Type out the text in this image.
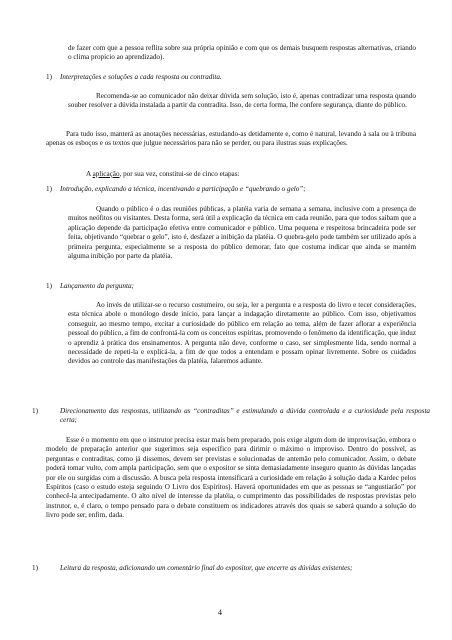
de fazer com que a pessoa reflita sobre sua própria opinião e com que os demais busquem respostas alternativas, criando o clima propício ao aprendizado).

1) Interpretações e soluções a cada resposta ou contradita.

Recomenda-se ao comunicador não deixar dúvida sem solução, isto é, apenas contradizar uma resposta quando souber resolver a dúvida instalada a partir da contradita. Isso, de certa forma, lhe confere segurança, diante do público.

Para tudo isso, manterá as anotações necessárias, estudando-as detidamente e, como é natural, levando à sala ou à tribuna apenas os esboços e os textos que julgue necessários para não se perder, ou para ilustras suas explicações.

A aplicação, por sua vez, constitui-se de cinco etapas:

1) Introdução, explicando a técnica, incentivando a participação e “quebrando o gelo”;

Quando o público é o das reuniões públicas, a platéia varia de semana a semana, inclusive com a presença de muitos neófitos ou visitantes. Desta forma, será útil a explicação da técnica em cada reunião, para que todos saibam que a aplicação depende da participação efetiva entre comunicador e público. Uma pequena e respeitosa brincadeira pode ser feita, objetivando “quebrar o gelo”, isto é, desfazer a inibição da platéia. O quebra-gelo pode também ser utilizado após a primeira pergunta, especialmente se a resposta do público demorar, fato que costuma indicar que ainda se mantém alguma inibição por parte da platéia.

1) Lançamento da pergunta;

Ao invés de utilizar-se o recurso costumeiro, ou seja, ler a pergunta e a resposta do livro e tecer considerações, esta técnica abole o monólogo desde início, para lançar a indagação diretamente ao público. Com isso, objetivamos conseguir, ao mesmo tempo, excitar a curiosidade do público em relação ao tema, além de fazer aflorar a experiência pessoal do público, a fim de confrontá-la com os conceitos espíritas, promovendo o fenômeno da identificação, que induz o aprendiz à prática dos ensinamentos. A pergunta não deve, conforme o caso, ser simplesmente lida, sendo normal a necessidade de repeti-la e explicá-la, a fim de que todos a entendam e possam opinar livremente. Sobre os cuidados devidos ao controle das manifestações da platéia, falaremos adiante.

1)	Direcionamento das respostas, utilizando as “contraditas” e estimulando a dúvida controlada e a curiosidade pela resposta certa;

Esse é o momento em que o instrutor precisa estar mais bem preparado, pois exige algum dom de improvisação, embora o modelo de preparação anterior que sugerimos seja específico para dirimir o máximo o improviso. Dentro do possível, as perguntas e contraditas, como já dissemos, devem ser previstas e solucionadas de antemão pelo comunicador. Assim, o debate poderá tomar vulto, com ampla participação, sem que o expositor se sinta demasiadamente inseguro quanto às dúvidas lançadas por ele ou surgidas com a discussão. A busca pela resposta intensificará a curiosidade em relação à solução dada a Kardec pelos Espíritos (caso o estudo esteja seguindo O Livro dos Espíritos). Haverá oportunidades em que as pessoas se “angustiarão” por conhecê-la antecipadamente. O alto nível de interesse da platéia, o cumprimento das possibilidades de respostas previstas pelo instrutor, e, é claro, o tempo pensado para o debate constituem os indicadores através dos quais se saberá quando a solução do livro pode ser, enfim, dada.

1)	Leitura da resposta, adicionando um comentário final do expositor, que encerre as dúvidas existentes;

4
